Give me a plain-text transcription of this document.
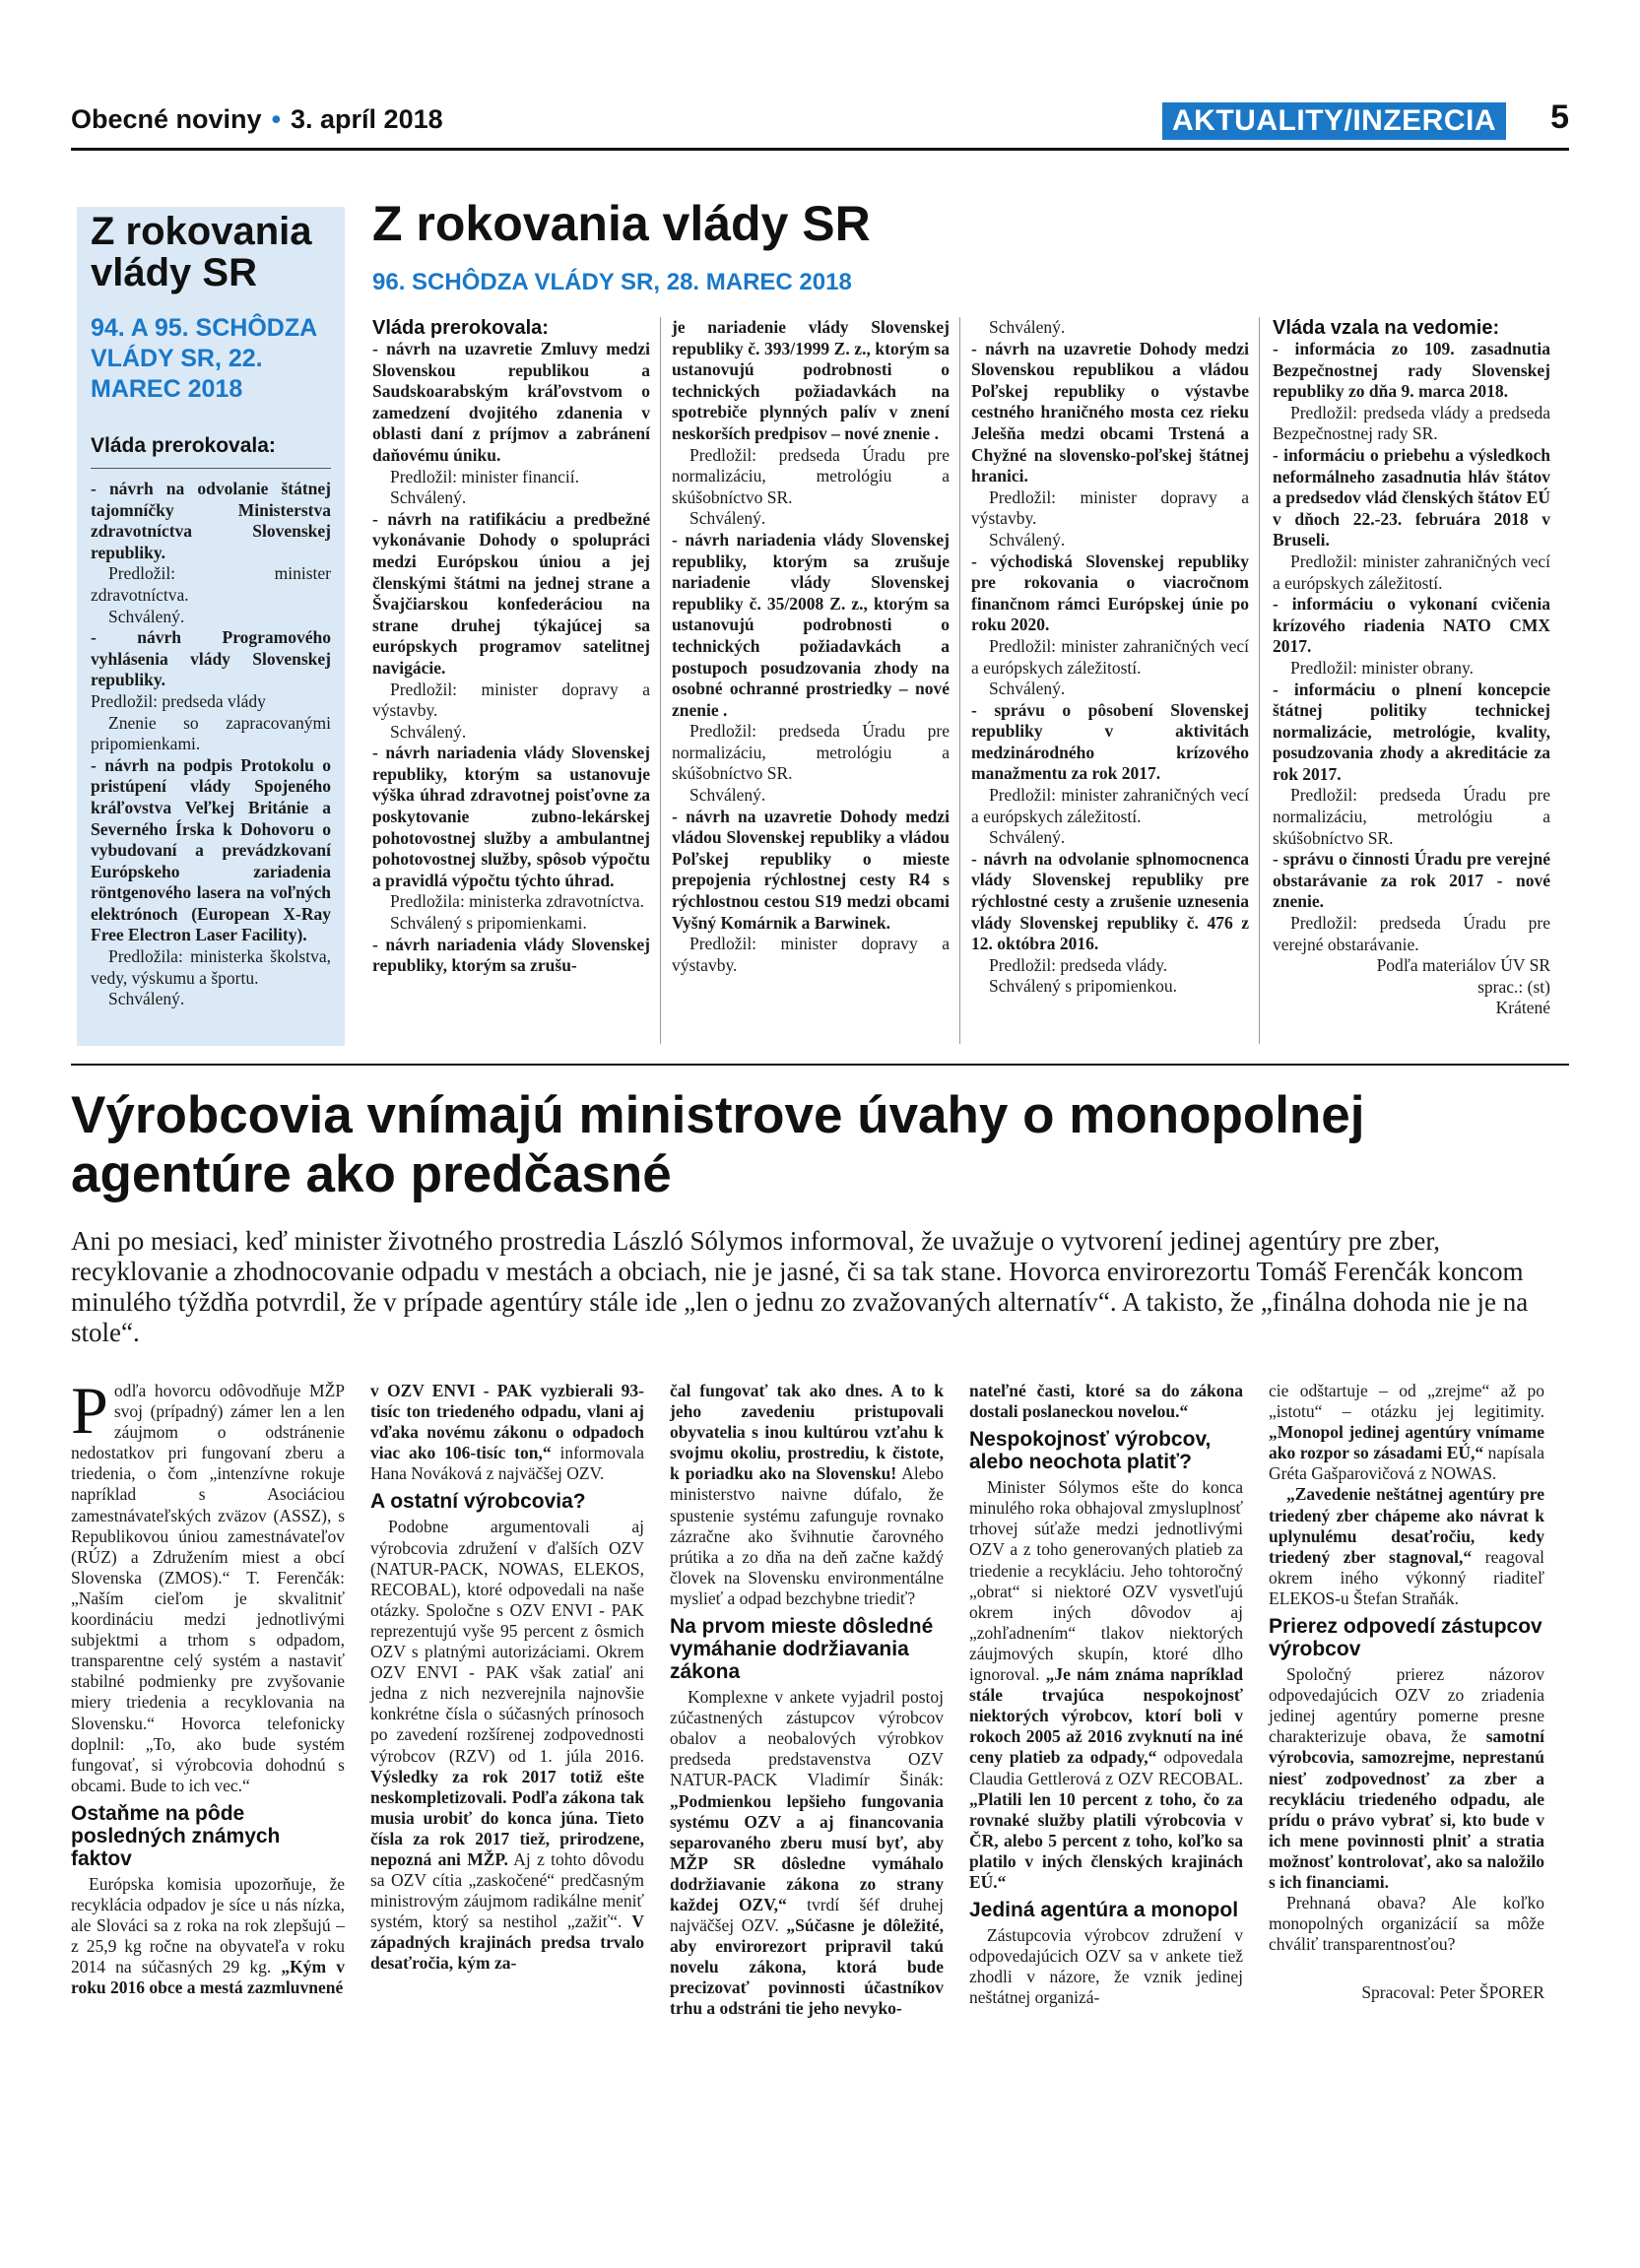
Obecné noviny • 3. apríl 2018	AKTUALITY/INZERCIA 5
Z rokovania vlády SR
94. A 95. SCHÔDZA VLÁDY SR, 22. MAREC 2018
Vláda prerokovala:

- návrh na odvolanie štátnej tajomníčky Ministerstva zdravotníctva Slovenskej republiky.

Predložil: minister zdravotníctva.

Schválený.

- návrh Programového vyhlásenia vlády Slovenskej republiky.

Predložil: predseda vlády

Znenie so zapracovanými pripomienkami.

- návrh na podpis Protokolu o pristúpení vlády Spojeného kráľovstva Veľkej Británie a Severného Írska k Dohovoru o vybudovaní a prevádzkovaní Európskeho zariadenia röntgenového lasera na voľných elektrónoch (European X-Ray Free Electron Laser Facility).

Predložila: ministerka školstva, vedy, výskumu a športu.

Schválený.

Z rokovania vlády SR
96. SCHÔDZA VLÁDY SR, 28. MAREC 2018
Vláda prerokovala:

- návrh na uzavretie Zmluvy medzi Slovenskou republikou a Saudskoarabským kráľovstvom o zamedzení dvojitého zdanenia v oblasti daní z príjmov a zabránení daňovému úniku.

Predložil: minister financií.

Schválený.

- návrh na ratifikáciu a predbežné vykonávanie Dohody o spolupráci medzi Európskou úniou a jej členskými štátmi na jednej strane a Švajčiarskou konfederáciou na strane druhej týkajúcej sa európskych programov satelitnej navigácie.

Predložil: minister dopravy a výstavby.

Schválený.

- návrh nariadenia vlády Slovenskej republiky, ktorým sa ustanovuje výška úhrad zdravotnej poisťovne za poskytovanie zubno-lekárskej pohotovostnej služby a ambulantnej pohotovostnej služby, spôsob výpočtu a pravidlá výpočtu týchto úhrad.

Predložila: ministerka zdravotníctva.

Schválený s pripomienkami.

- návrh nariadenia vlády Slovenskej republiky, ktorým sa zrušu-

je nariadenie vlády Slovenskej republiky č. 393/1999 Z. z., ktorým sa ustanovujú podrobnosti o technických požiadavkách na spotrebiče plynných palív v znení neskorších predpisov – nové znenie .

Predložil: predseda Úradu pre normalizáciu, metrológiu a skúšobníctvo SR.

Schválený.

- návrh nariadenia vlády Slovenskej republiky, ktorým sa zrušuje nariadenie vlády Slovenskej republiky č. 35/2008 Z. z., ktorým sa ustanovujú podrobnosti o technických požiadavkách a postupoch posudzovania zhody na osobné ochranné prostriedky – nové znenie .

Predložil: predseda Úradu pre normalizáciu, metrológiu a skúšobníctvo SR.

Schválený.

- návrh na uzavretie Dohody medzi vládou Slovenskej republiky a vládou Poľskej republiky o mieste prepojenia rýchlostnej cesty R4 s rýchlostnou cestou S19 medzi obcami Vyšný Komárnik a Barwinek.

Predložil: minister dopravy a výstavby.

Schválený.

- návrh na uzavretie Dohody medzi Slovenskou republikou a vládou Poľskej republiky o výstavbe cestného hraničného mosta cez rieku Jelešňa medzi obcami Trstená a Chyžné na slovensko-poľskej štátnej hranici.

Predložil: minister dopravy a výstavby.

Schválený.

- východiská Slovenskej republiky pre rokovania o viacročnom finančnom rámci Európskej únie po roku 2020.

Predložil: minister zahraničných vecí a európskych záležitostí.

Schválený.

- správu o pôsobení Slovenskej republiky v aktivitách medzinárodného krízového manažmentu za rok 2017.

Predložil: minister zahraničných vecí a európskych záležitostí.

Schválený.

- návrh na odvolanie splnomocnenca vlády Slovenskej republiky pre rýchlostné cesty a zrušenie uznesenia vlády Slovenskej republiky č. 476 z 12. októbra 2016.

Predložil: predseda vlády.

Schválený s pripomienkou.

Vláda vzala na vedomie:

- informácia zo 109. zasadnutia Bezpečnostnej rady Slovenskej republiky zo dňa 9. marca 2018.

Predložil: predseda vlády a predseda Bezpečnostnej rady SR.

- informáciu o priebehu a výsledkoch neformálneho zasadnutia hláv štátov a predsedov vlád členských štátov EÚ v dňoch 22.-23. februára 2018 v Bruseli.

Predložil: minister zahraničných vecí a európskych záležitostí.

- informáciu o vykonaní cvičenia krízového riadenia NATO CMX 2017.

Predložil: minister obrany.

- informáciu o plnení koncepcie štátnej politiky technickej normalizácie, metrológie, kvality, posudzovania zhody a akreditácie za rok 2017.

Predložil: predseda Úradu pre normalizáciu, metrológiu a skúšobníctvo SR.

- správu o činnosti Úradu pre verejné obstarávanie za rok 2017 - nové znenie.

Predložil: predseda Úradu pre verejné obstarávanie.

Podľa materiálov ÚV SR

sprac.: (st)

Krátené

Výrobcovia vnímajú ministrove úvahy o monopolnej agentúre ako predčasné
Ani po mesiaci, keď minister životného prostredia László Sólymos informoval, že uvažuje o vytvorení jedinej agentúry pre zber, recyklovanie a zhodnocovanie odpadu v mestách a obciach, nie je jasné, či sa tak stane. Hovorca envirorezortu Tomáš Ferenčák koncom minulého týždňa potvrdil, že v prípade agentúry stále ide „len o jednu zo zvažovaných alternatív“. A takisto, že „finálna dohoda nie je na stole“.
P odľa hovorcu odôvodňuje MŽP svoj (prípadný) zámer len a len záujmom o odstránenie nedostatkov pri fungovaní zberu a triedenia, o čom „intenzívne rokuje napríklad s Asociáciou zamestnávateľských zväzov (ASSZ), s Republikovou úniou zamestnávateľov (RÚZ) a Združením miest a obcí Slovenska (ZMOS).“ T. Ferenčák: „Naším cieľom je skvalitniť koordináciu medzi jednotlivými subjektmi a trhom s odpadom, transparentne celý systém a nastaviť stabilné podmienky pre zvyšovanie miery triedenia a recyklovania na Slovensku.“ Hovorca telefonicky doplnil: „To, ako bude systém fungovať, si výrobcovia dohodnú s obcami. Bude to ich vec.“

Ostaňme na pôde posledných známych faktov

Európska komisia upozorňuje, že recyklácia odpadov je síce u nás nízka, ale Slováci sa z roka na rok zlepšujú – z 25,9 kg ročne na obyvateľa v roku 2014 na súčasných 29 kg. „Kým v roku 2016 obce a mestá zazmluvnené

v OZV ENVI - PAK vyzbierali 93-tisíc ton triedeného odpadu, vlani aj vďaka novému zákonu o odpadoch viac ako 106-tisíc ton,“ informovala Hana Nováková z najväčšej OZV.

A ostatní výrobcovia?

Podobne argumentovali aj výrobcovia združení v ďalších OZV (NATUR-PACK, NOWAS, ELEKOS, RECOBAL), ktoré odpovedali na naše otázky. Spoločne s OZV ENVI - PAK reprezentujú vyše 95 percent z ôsmich OZV s platnými autorizáciami. Okrem OZV ENVI - PAK však zatiaľ ani jedna z nich nezverejnila najnovšie konkrétne čísla o súčasných prínosoch po zavedení rozšírenej zodpovednosti výrobcov (RZV) od 1. júla 2016. Výsledky za rok 2017 totiž ešte neskompletizovali. Podľa zákona tak musia urobiť do konca júna. Tieto čísla za rok 2017 tiež, prirodzene, nepozná ani MŽP. Aj z tohto dôvodu sa OZV cítia „zaskočené“ predčasným ministrovým záujmom radikálne meniť systém, ktorý sa nestihol „zažiť“. V západných krajinách predsa trvalo desaťročia, kým za-

čal fungovať tak ako dnes. A to k jeho zavedeniu pristupovali obyvatelia s inou kultúrou vzťahu k svojmu okoliu, prostrediu, k čistote, k poriadku ako na Slovensku! Alebo ministerstvo naivne dúfalo, že spustenie systému zafunguje rovnako zázračne ako švihnutie čarovného prútika a zo dňa na deň začne každý človek na Slovensku environmentálne myslieť a odpad bezchybne triediť?

Na prvom mieste dôsledné vymáhanie dodržiavania zákona

Komplexne v ankete vyjadril postoj zúčastnených zástupcov výrobcov obalov a neobalových výrobkov predseda predstavenstva OZV NATUR-PACK Vladimír Šinák: „Podmienkou lepšieho fungovania systému OZV a aj financovania separovaného zberu musí byť, aby MŽP SR dôsledne vymáhalo dodržiavanie zákona zo strany každej OZV,“ tvrdí šéf druhej najväčšej OZV. „Súčasne je dôležité, aby envirorezort pripravil takú novelu zákona, ktorá bude precizovať povinnosti účastníkov trhu a odstráni tie jeho nevyko-

nateľné časti, ktoré sa do zákona dostali poslaneckou novelou.“

Nespokojnosť výrobcov, alebo neochota platiť?

Minister Sólymos ešte do konca minulého roka obhajoval zmysluplnosť trhovej súťaže medzi jednotlivými OZV a z toho generovaných platieb za triedenie a recykláciu. Jeho tohtoročný „obrat“ si niektoré OZV vysvetľujú okrem iných dôvodov aj „zohľadnením“ tlakov niektorých záujmových skupín, ktoré dlho ignoroval. „Je nám známa napríklad stále trvajúca nespokojnosť niektorých výrobcov, ktorí boli v rokoch 2005 až 2016 zvyknutí na iné ceny platieb za odpady,“ odpovedala Claudia Gettlerová z OZV RECOBAL. „Platili len 10 percent z toho, čo za rovnaké služby platili výrobcovia v ČR, alebo 5 percent z toho, koľko sa platilo v iných členských krajinách EÚ.“

Jediná agentúra a monopol

Zástupcovia výrobcov združení v odpovedajúcich OZV sa v ankete tiež zhodli v názore, že vznik jedinej neštátnej organizá-

cie odštartuje – od „zrejme“ až po „istotu“ – otázku jej legitimity. „Monopol jedinej agentúry vnímame ako rozpor so zásadami EÚ,“ napísala Gréta Gašparovičová z NOWAS.

„Zavedenie neštátnej agentúry pre triedený zber chápeme ako návrat k uplynulému desaťročiu, kedy triedený zber stagnoval,“ reagoval okrem iného výkonný riaditeľ ELEKOS-u Štefan Straňák.

Prierez odpovedí zástupcov výrobcov

Spoločný prierez názorov odpovedajúcich OZV zo zriadenia jedinej agentúry pomerne presne charakterizuje obava, že samotní výrobcovia, samozrejme, neprestanú niesť zodpovednosť za zber a recykláciu triedeného odpadu, ale prídu o právo vybrať si, kto bude v ich mene povinnosti plniť a stratia možnosť kontrolovať, ako sa naložilo s ich financiami.

Prehnaná obava? Ale koľko monopolných organizácií sa môže chváliť transparentnosťou?

Spracoval: Peter ŠPORER
